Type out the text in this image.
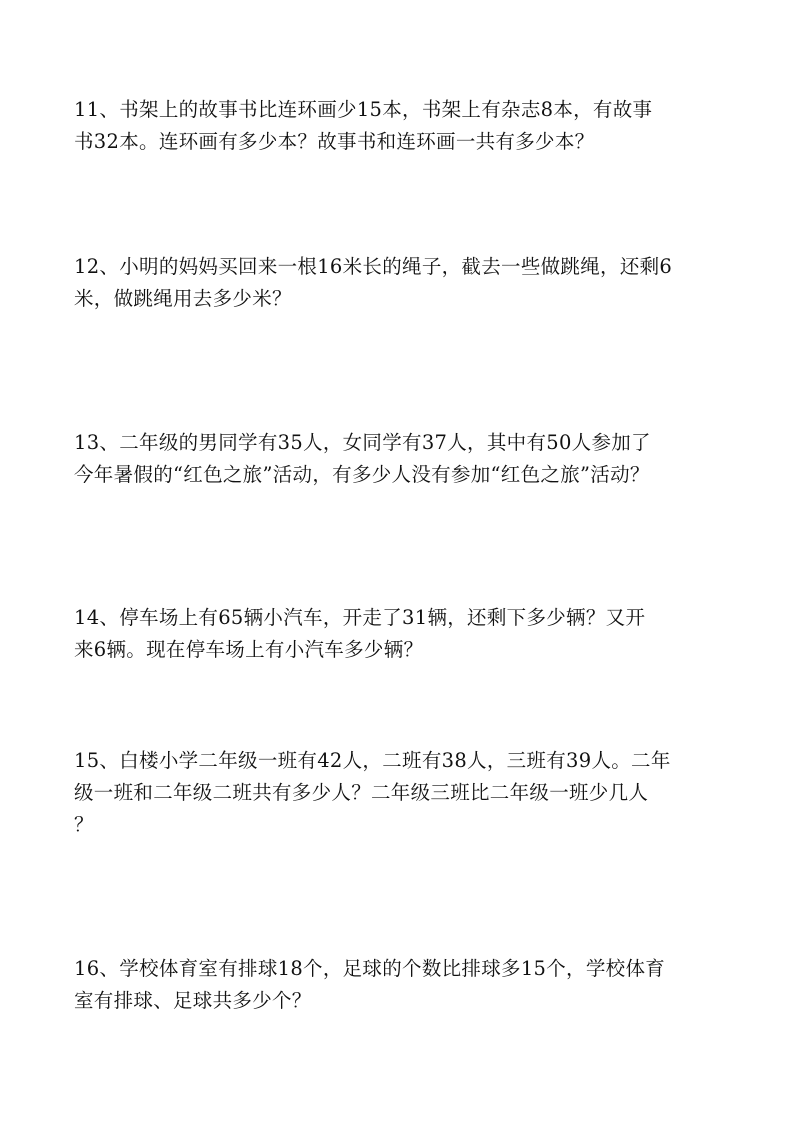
11、书架上的故事书比连环画少15本，书架上有杂志8本，有故事
书32本。连环画有多少本？故事书和连环画一共有多少本？
12、小明的妈妈买回来一根16米长的绳子，截去一些做跳绳，还剩6
米，做跳绳用去多少米？
13、二年级的男同学有35人，女同学有37人，其中有50人参加了
今年暑假的“红色之旅”活动，有多少人没有参加“红色之旅”活动？
14、停车场上有65辆小汽车，开走了31辆，还剩下多少辆？又开
来6辆。现在停车场上有小汽车多少辆？
15、白楼小学二年级一班有42人，二班有38人，三班有39人。二年
级一班和二年级二班共有多少人？二年级三班比二年级一班少几人
？
16、学校体育室有排球18个，足球的个数比排球多15个，学校体育
室有排球、足球共多少个？
